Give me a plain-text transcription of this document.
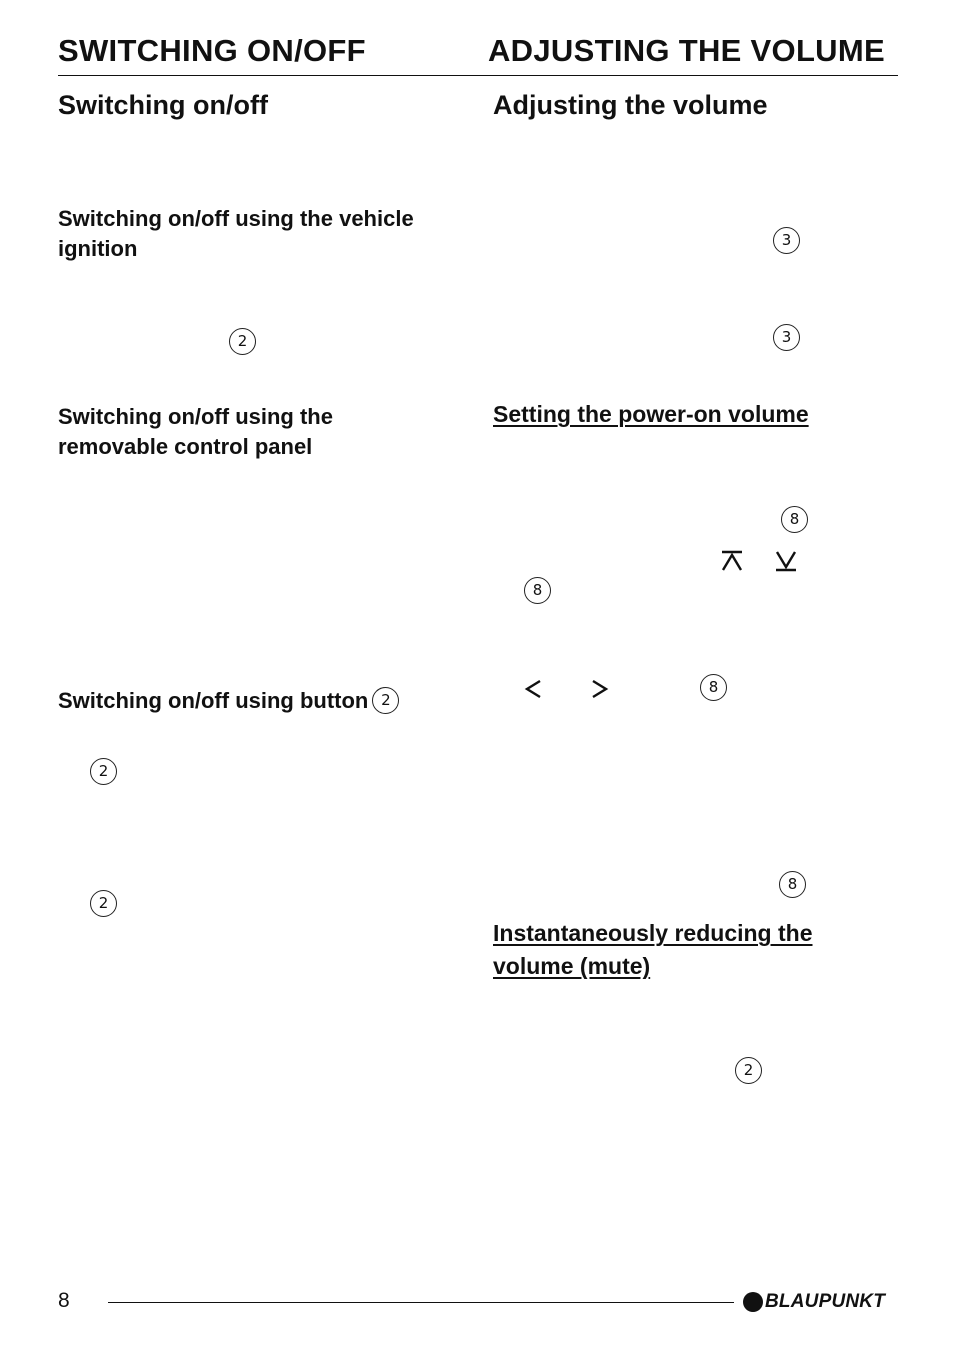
SWITCHING ON/OFF	ADJUSTING THE VOLUME
Switching on/off
Switching on/off using the vehicle
ignition
2
Switching on/off using the
removable control panel
Switching on/off using button 2
2
2
Adjusting the volume
3
3
Setting the power-on volume
8
8
8
8
Instantaneously reducing the
volume (mute)
2
8	BLAUPUNKT
